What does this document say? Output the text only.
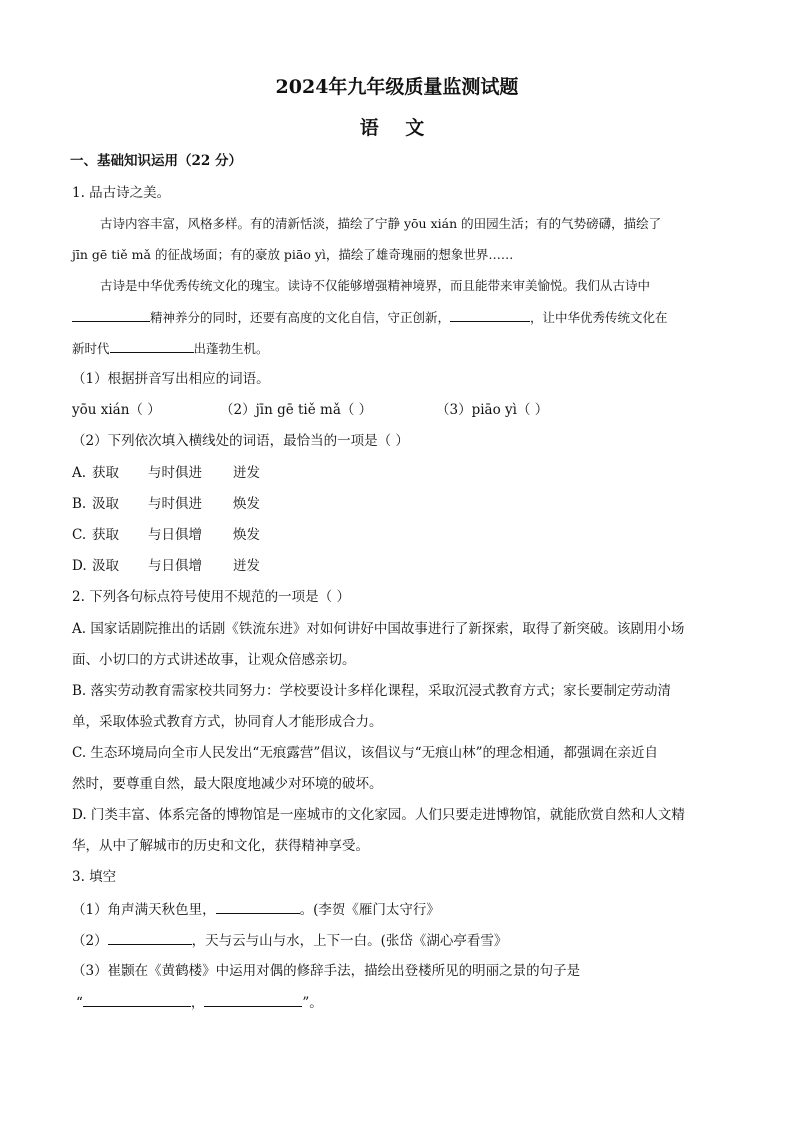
2024年九年级质量监测试题
语 文
一、基础知识运用（22 分）
1. 品古诗之美。
古诗内容丰富，风格多样。有的清新恬淡，描绘了宁静 yōu xián 的田园生活；有的气势磅礴，描绘了
jīn gē tiě mǎ 的征战场面；有的豪放 piāo yì，描绘了雄奇瑰丽的想象世界……
古诗是中华优秀传统文化的瑰宝。读诗不仅能够增强精神境界，而且能带来审美愉悦。我们从古诗中
精神养分的同时，还要有高度的文化自信，守正创新，	，让中华优秀传统文化在
新时代	出蓬勃生机。
（1）根据拼音写出相应的词语。
yōu xián（ ）	（2）jīn gē tiě mǎ（ ）	（3）piāo yì（ ）
（2）下列依次填入横线处的词语，最恰当的一项是（ ）
A. 获取 与时俱进 迸发
B. 汲取 与时俱进 焕发
C. 获取 与日俱增 焕发
D. 汲取 与日俱增 迸发
2. 下列各句标点符号使用不规范的一项是（ ）
A. 国家话剧院推出的话剧《铁流东进》对如何讲好中国故事进行了新探索，取得了新突破。该剧用小场
面、小切口的方式讲述故事，让观众倍感亲切。
B. 落实劳动教育需家校共同努力：学校要设计多样化课程，采取沉浸式教育方式；家长要制定劳动清
单，采取体验式教育方式，协同育人才能形成合力。
C. 生态环境局向全市人民发出“无痕露营”倡议，该倡议与“无痕山林”的理念相通，都强调在亲近自
然时，要尊重自然，最大限度地减少对环境的破坏。
D. 门类丰富、体系完备的博物馆是一座城市的文化家园。人们只要走进博物馆，就能欣赏自然和人文精
华，从中了解城市的历史和文化，获得精神享受。
3. 填空
（1）角声满天秋色里，	。(李贺《雁门太守行》
（2）	，天与云与山与水，上下一白。(张岱《湖心亭看雪》
（3）崔颢在《黄鹤楼》中运用对偶的修辞手法，描绘出登楼所见的明丽之景的句子是
“	，	”。
